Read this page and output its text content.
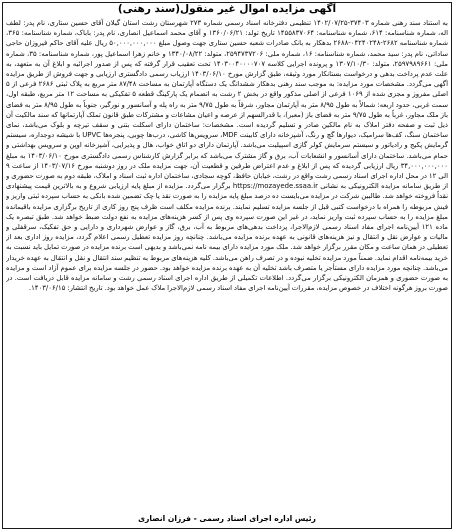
آگهی مزایده اموال غیر منقول(سند رهنی)
به استناد سند رهنی شماره ۳۷۴۰۳-۱۴۰۲/۰۷/۲۵ تنظیمی دفترخانه اسناد رسمی شماره ۲۷۳ شهرستان رشت استان گیلان آقای حسین ستاری، نام پدر: لطف اله، شماره شناسنامه: ۶۱۴، شماره شناسنامه: ۱۴۵۵۸۳۷۰۶۴ تاریخ تولد: ۱۳۶۰/۰۶/۲۱ و آقای محمد اسماعیل انصاری، نام پدر: بابا‌ک، شماره شناسنامه: ۳۶۵، شماره شناسنامه ۲۶۸۲-۰۴۲۴۰۲۴۸-۲۶۸۸ بدهکار به بانک صادرات شعبه حسین ستاری جهت وصول مبلغ ۵۰,۰۰۰,۰۰۰,۰۰۰ ریال علیه آقای حاکم فیروزان حاجی ساداتی، نام پدر: سید محمد، شماره شناسنامه: ۱۶، شماره ملی: ۲۵۹۴۷۳۷۲۰۶، متولد: ۱۳۴۰/۰۸/۲۲ و خانم زهرا اسماعیل پور، شماره شناسنامه: ۳۵، شماره ملی: ۲۵۹۷۹۸۹۶۶۱، متولد: ۱۳۰۷/۱۰/۳۰ و پرونده اجرایی کلاسه ۱۴۰۳۰۰۴۰۰۰۰۷۰۷ تحت تعقیب قرار گرفته که پس از صدور اجرائیه و ابلاغ آن به متعهد، به علت عدم پرداخت بدهی و درخواست بستانکار مورد وثیقه، طبق گزارش مورخ ۱۴۰۳/۰۶/۱۰ ارزیاب رسمی دادگستری ارزیابی و جهت فروش از طریق مزایده آگهی می‌گردد. مشخصات مورد مزایده: به موجب سند رهنی بدهکار ششدانگ یک دستگاه آپارتمان به مساحت ۸۷/۴۸ متر مربع به پلاک ثبتی ۲۶۸۶ فرعی از ۵ اصلی مفروز و مجزی شده از ۱۰۶۹ فرعی از اصلی مذکور واقع در بخش ۲ رشت به انضمام یک پارکینگ قطعه ۵ تفکیکی به مساحت ۱۲ متر مربع، طبقه اول، سمت غربی، حدود اربعه: شمالاً به طول ۸/۹۵ متر به آپارتمان مجاور، شرقاً به طول ۹/۷۵ متر به راه پله و آسانسور و نورگیر، جنوباً به طول ۸/۹۵ متر به فضای باز ملک مجاور، غرباً به طول ۹/۷۵ متر به فضای باز (معبر)، با قدرالسهم از عرصه و اعیان مشاعات و مشترکات طبق قانون تملک آپارتمانها که سند مالکیت آن ذیل ثبت و صفحه دفتر املاک به نام مالکین صادر و تسلیم گردیده است. مشخصات: ساختمان دارای اسکلت بتنی و سقف تیرچه و بلوک می‌باشد، نمای ساختمان سنگ، کف‌ها سرامیک، دیوارها گچ و رنگ، آشپزخانه دارای کابینت MDF، سرویس‌ها کاشی، درب‌ها چوبی، پنجره‌ها UPVC با شیشه دوجداره، سیستم گرمایش پکیج و رادیاتور و سیستم سرمایش کولر گازی اسپیلیت می‌باشد. آپارتمان دارای دو اتاق خواب، هال و پذیرایی، آشپزخانه اوپن و سرویس بهداشتی و حمام می‌باشد. ساختمان دارای آسانسور و انشعابات آب، برق و گاز مشترک می‌باشد که برابر گزارش کارشناس رسمی دادگستری مورخ ۱۴۰۳/۰۶/۱۰ به مبلغ ۳۴,۰۰۰,۰۰۰,۰۰۰ ریال ارزیابی گردیده که پس از ابلاغ و عدم اعتراض طرفین و قطعیت آن، جهت مزایده ملک در روز دوشنبه مورخ ۱۴۰۳/۰۷/۱۶ از ساعت ۹ الی ۱۲ در محل اداره اجرای اسناد رسمی رشت واقع در رشت، خیابان حافظ، کوچه سجادی، ساختمان اداره ثبت اسناد و املاک، طبقه دوم به صورت حضوری و از طریق سامانه مزایده الکترونیکی به نشانی https://mozayede.ssaa.ir برگزار می‌گردد. مزایده از مبلغ پایه ارزیابی شروع و به بالاترین قیمت پیشنهادی نقداً فروخته خواهد شد. طالبین شرکت در مزایده می‌بایست ده درصد مبلغ پایه مزایده را به صورت نقد یا چک تضمین شده بانکی به حساب سپرده ثبتی واریز و فیش مربوطه را همراه با درخواست کتبی قبل از جلسه مزایده تسلیم نمایند. برنده مزایده مکلف است ظرف پنج روز کاری از تاریخ برگزاری مزایده باقیمانده مبلغ مزایده را به حساب سپرده ثبت واریز نماید، در غیر این صورت سپرده وی پس از کسر هزینه‌های مزایده به نفع دولت ضبط خواهد شد. طبق تبصره یک ماده ۱۲۱ آیین‌نامه اجرای مفاد اسناد رسمی لازم‌الاجرا، پرداخت بدهی‌های مربوط به آب، برق، گاز و عوارض شهرداری و دارایی و حق تفکیک، سرقفلی و مالیات و عوارض نقل و انتقال و نیز هزینه‌های قانونی به عهده برنده مزایده می‌باشد. چنانچه روز مزایده تعطیل رسمی اعلام گردد، مزایده روز اداری بعد از تعطیلی در همان ساعت و مکان مقرر برگزار خواهد شد. ملک مورد مزایده دارای بیمه نامه نمی‌باشد و بدیهی است برنده مزایده در صورت تمایل باید نسبت به خرید بیمه‌نامه اقدام نماید. ضمناً مورد مزایده تخلیه نبوده و در تصرف راهن می‌باشد. کلیه هزینه‌های مربوط به تنظیم سند انتقال و نقل و انتقال به عهده خریدار می‌باشد. چنانچه مورد مزایده دارای مستأجر یا متصرف باشد تخلیه آن به عهده برنده مزایده خواهد بود. حضور در جلسه مزایده برای عموم آزاد است و مزایده به صورت حضوری و همزمان الکترونیکی برگزار می‌گردد. اطلاعات تکمیلی از طریق اداره اجرای اسناد رسمی رشت و سامانه مزایده قابل دریافت است. در صورت بروز هرگونه اختلاف در خصوص مزایده، مقررات آیین‌نامه اجرای مفاد اسناد رسمی لازم‌الاجرا ملاک عمل خواهد بود. تاریخ انتشار: ۱۴۰۳/۰۶/۱۵.
رئیس اداره اجرای اسناد رسمی - فرزان انصاری
